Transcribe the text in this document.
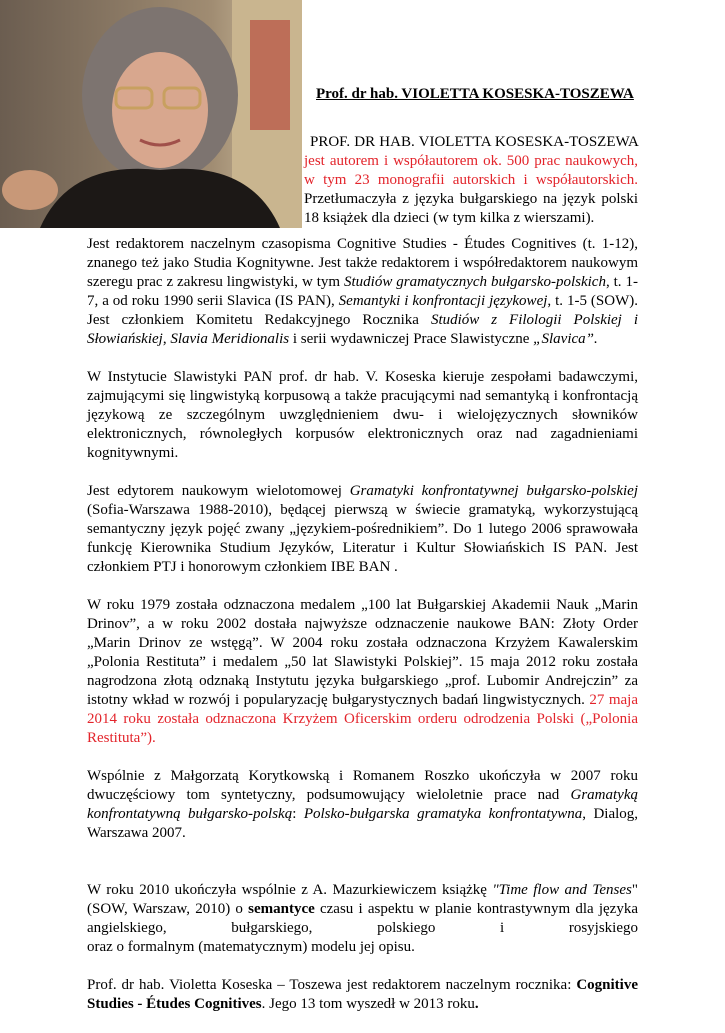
Prof. dr hab. VIOLETTA KOSESKA-TOSZEWA
PROF. DR HAB. VIOLETTA KOSESKA-TOSZEWA jest autorem i współautorem ok. 500 prac naukowych, w tym 23 monografii autorskich i współautorskich. Przetłumaczyła z języka bułgarskiego na język polski 18 książek dla dzieci (w tym kilka z wierszami).

Jest redaktorem naczelnym czasopisma Cognitive Studies - Études Cognitives (t. 1-12), znanego też jako Studia Kognitywne. Jest także redaktorem i współredaktorem naukowym szeregu prac z zakresu lingwistyki, w tym Studiów gramatycznych bułgarsko-polskich, t. 1-7, a od roku 1990 serii Slavica (IS PAN), Semantyki i konfrontacji językowej, t. 1-5 (SOW). Jest członkiem Komitetu Redakcyjnego Rocznika Studiów z Filologii Polskiej i Słowiańskiej, Slavia Meridionalis i serii wydawniczej Prace Slawistyczne „Slavica”.

W Instytucie Slawistyki PAN prof. dr hab. V. Koseska kieruje zespołami badawczymi, zajmującymi się lingwistyką korpusową a także pracującymi nad semantyką i konfrontacją językową ze szczególnym uwzględnieniem dwu- i wielojęzycznych słowników elektronicznych, równoległych korpusów elektronicznych oraz nad zagadnieniami kognitywnymi.

Jest edytorem naukowym wielotomowej Gramatyki konfrontatywnej bułgarsko-polskiej (Sofia-Warszawa 1988-2010), będącej pierwszą w świecie gramatyką, wykorzystującą semantyczny język pojęć zwany „językiem-pośrednikiem”. Do 1 lutego 2006 sprawowała funkcję Kierownika Studium Języków, Literatur i Kultur Słowiańskich IS PAN. Jest członkiem PTJ i honorowym członkiem IBE BAN .

W roku 1979 została odznaczona medalem „100 lat Bułgarskiej Akademii Nauk „Marin Drinov”, a w roku 2002 dostała najwyższe odznaczenie naukowe BAN: Złoty Order „Marin Drinov ze wstęgą”. W 2004 roku została odznaczona Krzyżem Kawalerskim „Polonia Restituta” i medalem „50 lat Slawistyki Polskiej”. 15 maja 2012 roku została nagrodzona złotą odznaką Instytutu języka bułgarskiego „prof. Lubomir Andrejczin” za istotny wkład w rozwój i popularyzację bułgarystycznych badań lingwistycznych. 27 maja 2014 roku została odznaczona Krzyżem Oficerskim orderu odrodzenia Polski („Polonia Restituta”).

Wspólnie z Małgorzatą Korytkowską i Romanem Roszko ukończyła w 2007 roku dwuczęściowy tom syntetyczny, podsumowujący wieloletnie prace nad Gramatyką konfrontatywną bułgarsko-polską: Polsko-bułgarska gramatyka konfrontatywna, Dialog, Warszawa 2007.

W roku 2010 ukończyła wspólnie z A. Mazurkiewiczem książkę "Time flow and Tenses" (SOW, Warszaw, 2010) o semantyce czasu i aspektu w planie kontrastywnym dla języka

angielskiego,	bułgarskiego,	polskiego	i	rosyjskiego

oraz o formalnym (matematycznym) modelu jej opisu.

Prof. dr hab. Violetta Koseska – Toszewa jest redaktorem naczelnym rocznika: Cognitive Studies - Études Cognitives. Jego 13 tom wyszedł w 2013 roku.
